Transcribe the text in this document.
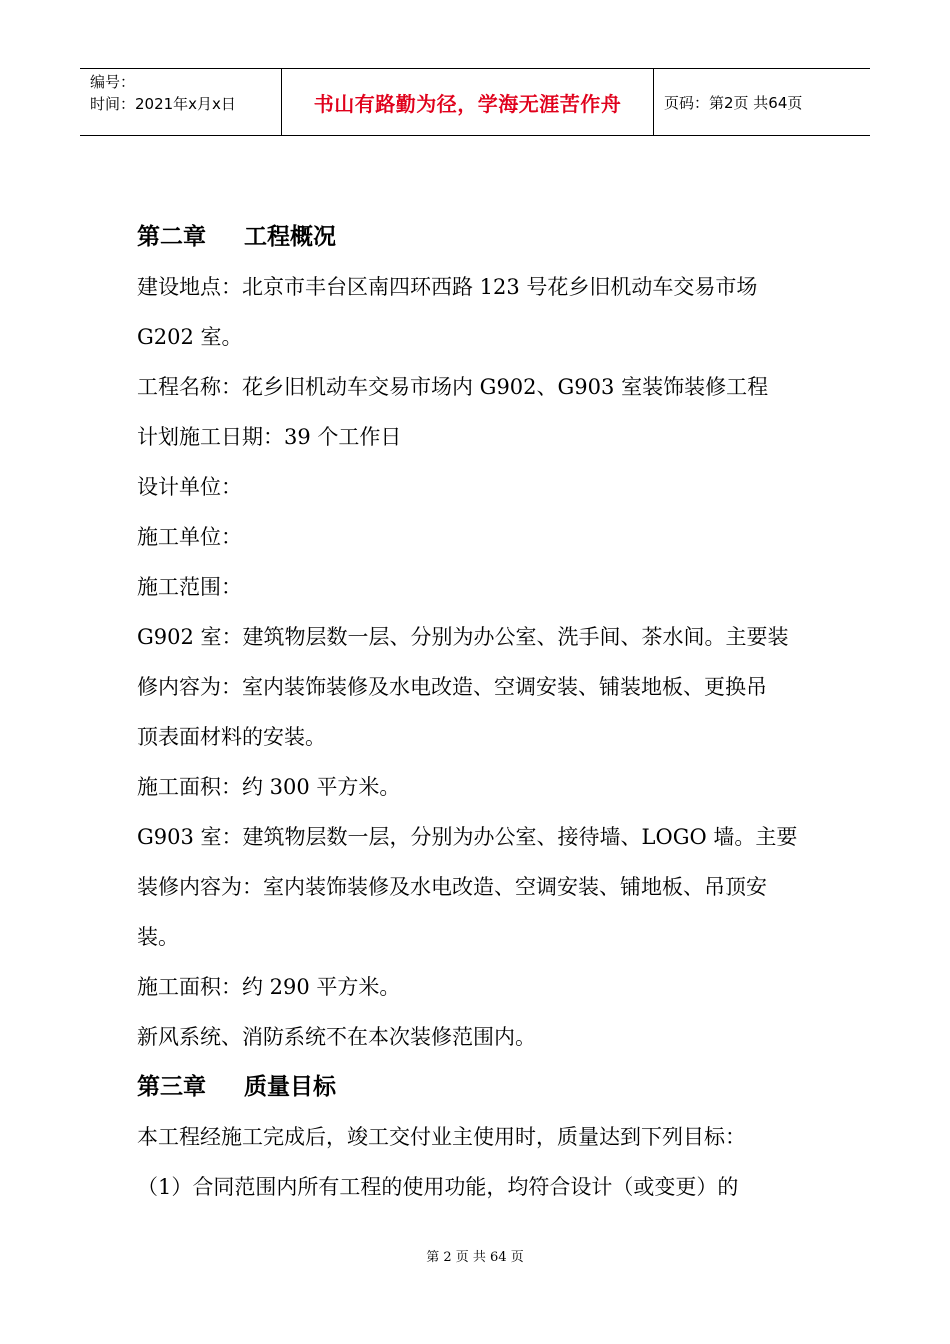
编号：
时间：2021年x月x日	书山有路勤为径，学海无涯苦作舟	页码：第2页 共64页
第二章 工程概况
建设地点：北京市丰台区南四环西路 123 号花乡旧机动车交易市场
G202 室。
工程名称：花乡旧机动车交易市场内 G902、G903 室装饰装修工程
计划施工日期：39 个工作日
设计单位：
施工单位：
施工范围：
G902 室：建筑物层数一层、分别为办公室、洗手间、茶水间。主要装
修内容为：室内装饰装修及水电改造、空调安装、铺装地板、更换吊
顶表面材料的安装。
施工面积：约 300 平方米。
G903 室：建筑物层数一层，分别为办公室、接待墙、LOGO 墙。主要
装修内容为：室内装饰装修及水电改造、空调安装、铺地板、吊顶安
装。
施工面积：约 290 平方米。
新风系统、消防系统不在本次装修范围内。
第三章 质量目标
本工程经施工完成后，竣工交付业主使用时，质量达到下列目标：
（1）合同范围内所有工程的使用功能，均符合设计（或变更）的
第 2 页 共 64 页
